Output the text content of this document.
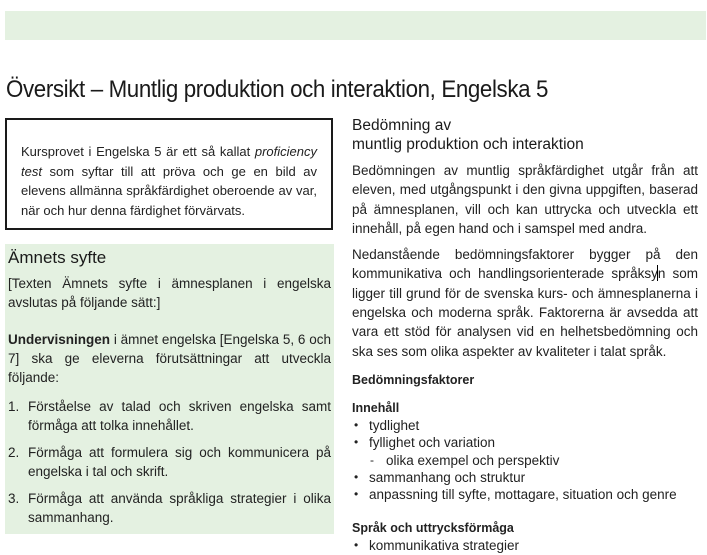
Översikt – Muntlig produktion och interaktion, Engelska 5

Kursprovet i Engelska 5 är ett så kallat proficiency test som syftar till att pröva och ge en bild av elevens allmänna språkfärdighet oberoende av var, när och hur denna färdighet förvärvats.

Ämnets syfte

[Texten Ämnets syfte i ämnesplanen i engelska avslutas på följande sätt:]

Undervisningen i ämnet engelska [Engelska 5, 6 och 7] ska ge eleverna förutsättningar att utveckla följande:

1. Förståelse av talad och skriven engelska samt förmåga att tolka innehållet.
2. Förmåga att formulera sig och kommunicera på engelska i tal och skrift.
3. Förmåga att använda språkliga strategier i olika sammanhang.
Bedömning av
muntlig produktion och interaktion

Bedömningen av muntlig språkfärdighet utgår från att eleven, med utgångspunkt i den givna uppgiften, baserad på ämnesplanen, vill och kan uttrycka och utveckla ett innehåll, på egen hand och i samspel med andra.

Nedanstående bedömningsfaktorer bygger på den kommunikativa och handlingsorienterade språksyn som ligger till grund för de svenska kurs- och ämnesplanerna i engelska och moderna språk. Faktorerna är avsedda att vara ett stöd för analysen vid en helhetsbedömning och ska ses som olika aspekter av kvaliteter i talat språk.

Bedömningsfaktorer
Innehåll
• tydlighet
• fyllighet och variation
- olika exempel och perspektiv
• sammanhang och struktur
• anpassning till syfte, mottagare, situation och genre
Språk och uttrycksförmåga
• kommunikativa strategier
